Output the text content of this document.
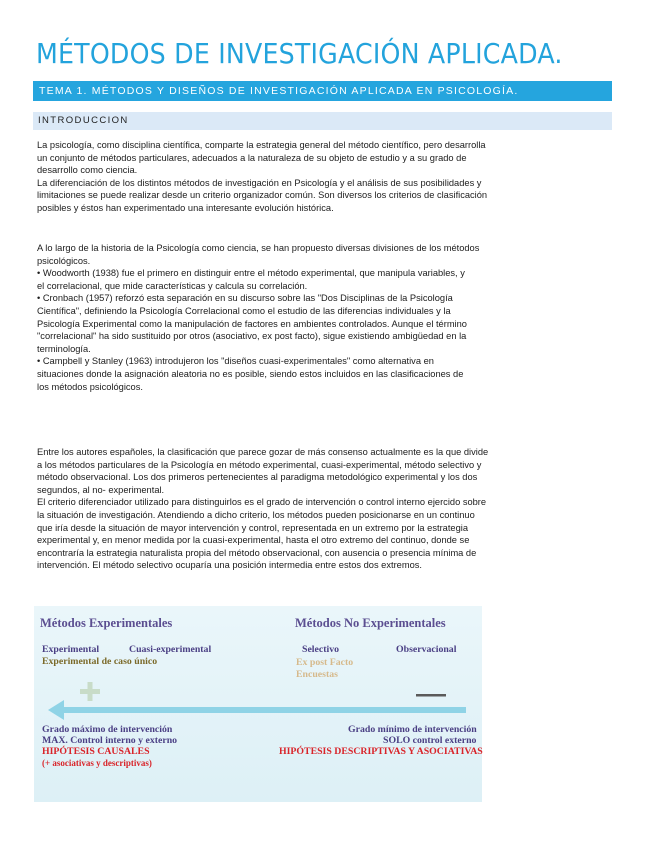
MÉTODOS DE INVESTIGACIÓN APLICADA.
TEMA 1. MÉTODOS Y DISEÑOS DE INVESTIGACIÓN APLICADA EN PSICOLOGÍA.
INTRODUCCION
La psicología, como disciplina científica, comparte la estrategia general del método científico, pero desarrolla
un conjunto de métodos particulares, adecuados a la naturaleza de su objeto de estudio y a su grado de
desarrollo como ciencia.
La diferenciación de los distintos métodos de investigación en Psicología y el análisis de sus posibilidades y
limitaciones se puede realizar desde un criterio organizador común. Son diversos los criterios de clasificación
posibles y éstos han experimentado una interesante evolución histórica.
A lo largo de la historia de la Psicología como ciencia, se han propuesto diversas divisiones de los métodos
psicológicos.
• Woodworth (1938) fue el primero en distinguir entre el método experimental, que manipula variables, y
el correlacional, que mide características y calcula su correlación.
• Cronbach (1957) reforzó esta separación en su discurso sobre las "Dos Disciplinas de la Psicología
Científica", definiendo la Psicología Correlacional como el estudio de las diferencias individuales y la
Psicología Experimental como la manipulación de factores en ambientes controlados. Aunque el término
"correlacional" ha sido sustituido por otros (asociativo, ex post facto), sigue existiendo ambigüedad en la
terminología.
• Campbell y Stanley (1963) introdujeron los "diseños cuasi-experimentales" como alternativa en
situaciones donde la asignación aleatoria no es posible, siendo estos incluidos en las clasificaciones de
los métodos psicológicos.
Entre los autores españoles, la clasificación que parece gozar de más consenso actualmente es la que divide
a los métodos particulares de la Psicología en método experimental, cuasi-experimental, método selectivo y
método observacional. Los dos primeros pertenecientes al paradigma metodológico experimental y los dos
segundos, al no- experimental.
El criterio diferenciador utilizado para distinguirlos es el grado de intervención o control interno ejercido sobre
la situación de investigación. Atendiendo a dicho criterio, los métodos pueden posicionarse en un continuo
que iría desde la situación de mayor intervención y control, representada en un extremo por la estrategia
experimental y, en menor medida por la cuasi-experimental, hasta el otro extremo del continuo, donde se
encontraría la estrategia naturalista propia del método observacional, con ausencia o presencia mínima de
intervención. El método selectivo ocuparía una posición intermedia entre estos dos extremos.
Métodos Experimentales	Métodos No Experimentales
Experimental	Cuasi-experimental
Experimental de caso único
Selectivo	Observacional
Ex post Facto
Encuestas
Grado máximo de intervención
MAX. Control interno y externo
HIPÓTESIS CAUSALES
(+ asociativas y descriptivas)
Grado mínimo de intervención
SOLO control externo
HIPÓTESIS DESCRIPTIVAS Y ASOCIATIVAS
